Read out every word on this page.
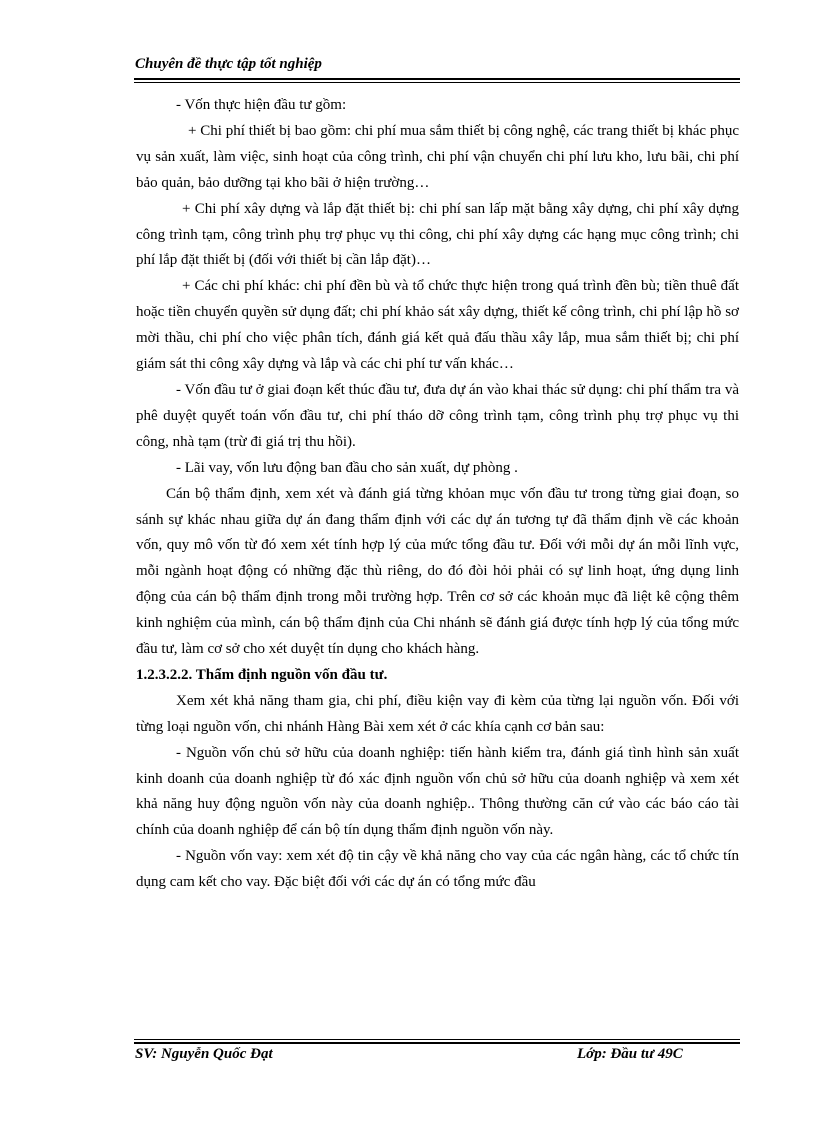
Chuyên đề thực tập tốt nghiệp

- Vốn thực hiện đầu tư gồm:

+ Chi phí thiết bị bao gồm: chi phí mua sắm thiết bị công nghệ, các trang thiết bị khác phục vụ sản xuất, làm việc, sinh hoạt của công trình, chi phí vận chuyển chi phí lưu kho, lưu bãi, chi phí bảo quản, bảo dưỡng tại kho bãi ở hiện trường…

+ Chi phí xây dựng và lắp đặt thiết bị: chi phí san lấp mặt bằng xây dựng, chi phí xây dựng công trình tạm, công trình phụ trợ phục vụ thi công, chi phí xây dựng các hạng mục công trình; chi phí lắp đặt thiết bị (đối với thiết bị cần lắp đặt)…

+ Các chi phí khác: chi phí đền bù và tổ chức thực hiện trong quá trình đền bù; tiền thuê đất hoặc tiền chuyển quyền sử dụng đất; chi phí khảo sát xây dựng, thiết kế công trình, chi phí lập hồ sơ mời thầu, chi phí cho việc phân tích, đánh giá kết quả đấu thầu xây lắp, mua sắm thiết bị; chi phí giám sát thi công xây dựng và lắp và các chi phí tư vấn khác…

- Vốn đầu tư ở giai đoạn kết thúc đầu tư, đưa dự án vào khai thác sử dụng: chi phí thẩm tra và phê duyệt quyết toán vốn đầu tư, chi phí tháo dỡ công trình tạm, công trình phụ trợ phục vụ thi công, nhà tạm (trừ đi giá trị thu hồi).

- Lãi vay, vốn lưu động ban đầu cho sản xuất, dự phòng .

Cán bộ thẩm định, xem xét và đánh giá từng khỏan mục vốn đầu tư trong từng giai đoạn, so sánh sự khác nhau giữa dự án đang thẩm định với các dự án tương tự đã thẩm định về các khoản vốn, quy mô vốn từ đó xem xét tính hợp lý của mức tổng đầu tư. Đối với mỗi dự án mỗi lĩnh vực, mỗi ngành hoạt động có những đặc thù riêng, do đó đòi hỏi phải có sự linh hoạt, ứng dụng linh động của cán bộ thẩm định trong mỗi trường hợp. Trên cơ sở các khoản mục đã liệt kê cộng thêm kinh nghiệm của mình, cán bộ thẩm định của Chi nhánh sẽ đánh giá được tính hợp lý của tổng mức đầu tư, làm cơ sở cho xét duyệt tín dụng cho khách hàng.

1.2.3.2.2. Thẩm định nguồn vốn đầu tư.

Xem xét khả năng tham gia, chi phí, điều kiện vay đi kèm của từng lại nguồn vốn. Đối với từng loại nguồn vốn, chi nhánh Hàng Bài xem xét ở các khía cạnh cơ bản sau:

- Nguồn vốn chủ sở hữu của doanh nghiệp: tiến hành kiểm tra, đánh giá tình hình sản xuất kinh doanh của doanh nghiệp từ đó xác định nguồn vốn chủ sở hữu của doanh nghiệp và xem xét khả năng huy động nguồn vốn này của doanh nghiệp.. Thông thường căn cứ vào các báo cáo tài chính của doanh nghiệp để cán bộ tín dụng thẩm định nguồn vốn này.

- Nguồn vốn vay: xem xét độ tin cậy về khả năng cho vay của các ngân hàng, các tổ chức tín dụng cam kết cho vay. Đặc biệt đối với các dự án có tổng mức đầu

SV: Nguyễn Quốc Đạt	Lớp: Đầu tư 49C
